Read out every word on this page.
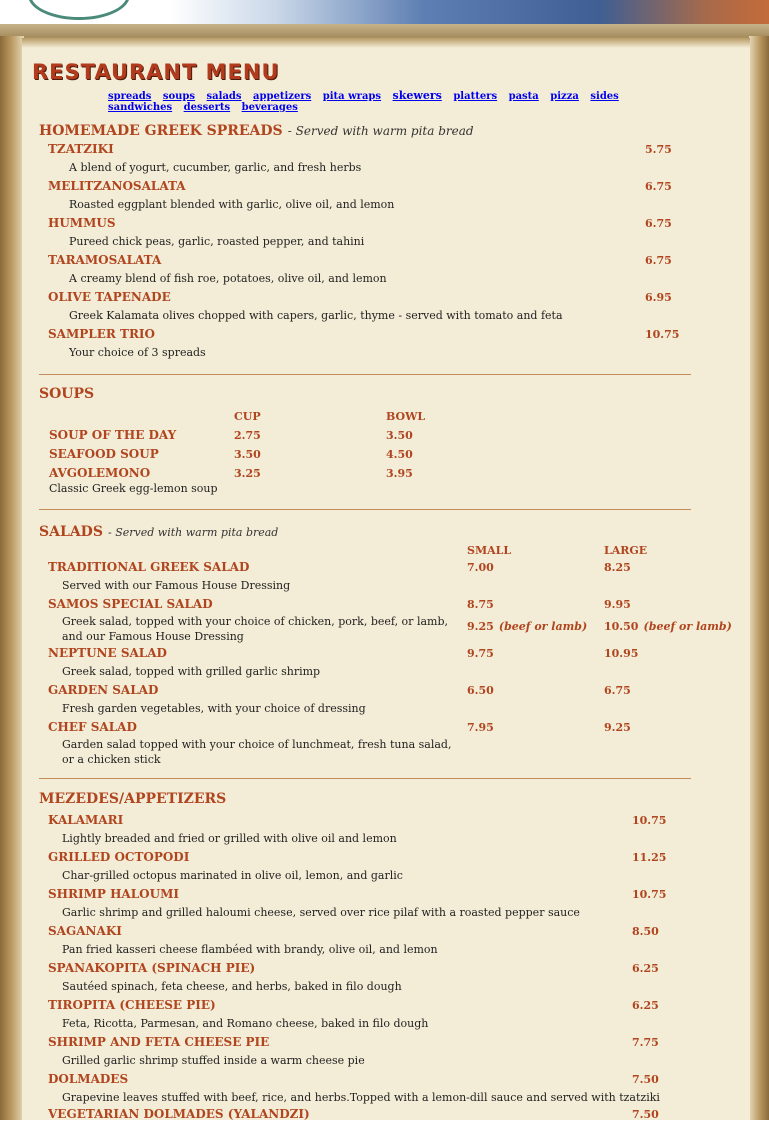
RESTAURANT MENU
spreads soups salads appetizers pita wraps skewers platters pasta pizza sides sandwiches desserts beverages
HOMEMADE GREEK SPREADS - Served with warm pita bread
TZATZIKI	5.75
A blend of yogurt, cucumber, garlic, and fresh herbs
MELITZANOSALATA	6.75
Roasted eggplant blended with garlic, olive oil, and lemon
HUMMUS	6.75
Pureed chick peas, garlic, roasted pepper, and tahini
TARAMOSALATA	6.75
A creamy blend of fish roe, potatoes, olive oil, and lemon
OLIVE TAPENADE	6.95
Greek Kalamata olives chopped with capers, garlic, thyme - served with tomato and feta
SAMPLER TRIO	10.75
Your choice of 3 spreads
SOUPS
CUP	BOWL
SOUP OF THE DAY	2.75	3.50
SEAFOOD SOUP	3.50	4.50
AVGOLEMONO	3.25	3.95
Classic Greek egg-lemon soup
SALADS - Served with warm pita bread
SMALL	LARGE
TRADITIONAL GREEK SALAD	7.00	8.25
Served with our Famous House Dressing
SAMOS SPECIAL SALAD	8.75	9.95
Greek salad, topped with your choice of chicken, pork, beef, or lamb, and our Famous House Dressing
9.25 (beef or lamb) 10.50 (beef or lamb)
NEPTUNE SALAD	9.75	10.95
Greek salad, topped with grilled garlic shrimp
GARDEN SALAD	6.50	6.75
Fresh garden vegetables, with your choice of dressing
CHEF SALAD	7.95	9.25
Garden salad topped with your choice of lunchmeat, fresh tuna salad, or a chicken stick
MEZEDES/APPETIZERS
KALAMARI	10.75
Lightly breaded and fried or grilled with olive oil and lemon
GRILLED OCTOPODI	11.25
Char-grilled octopus marinated in olive oil, lemon, and garlic
SHRIMP HALOUMI	10.75
Garlic shrimp and grilled haloumi cheese, served over rice pilaf with a roasted pepper sauce
SAGANAKI	8.50
Pan fried kasseri cheese flambéed with brandy, olive oil, and lemon
SPANAKOPITA (SPINACH PIE)	6.25
Sautéed spinach, feta cheese, and herbs, baked in filo dough
TIROPITA (CHEESE PIE)	6.25
Feta, Ricotta, Parmesan, and Romano cheese, baked in filo dough
SHRIMP AND FETA CHEESE PIE	7.75
Grilled garlic shrimp stuffed inside a warm cheese pie
DOLMADES	7.50
Grapevine leaves stuffed with beef, rice, and herbs.Topped with a lemon-dill sauce and served with tzatziki
VEGETARIAN DOLMADES (YALANDZI)	7.50
